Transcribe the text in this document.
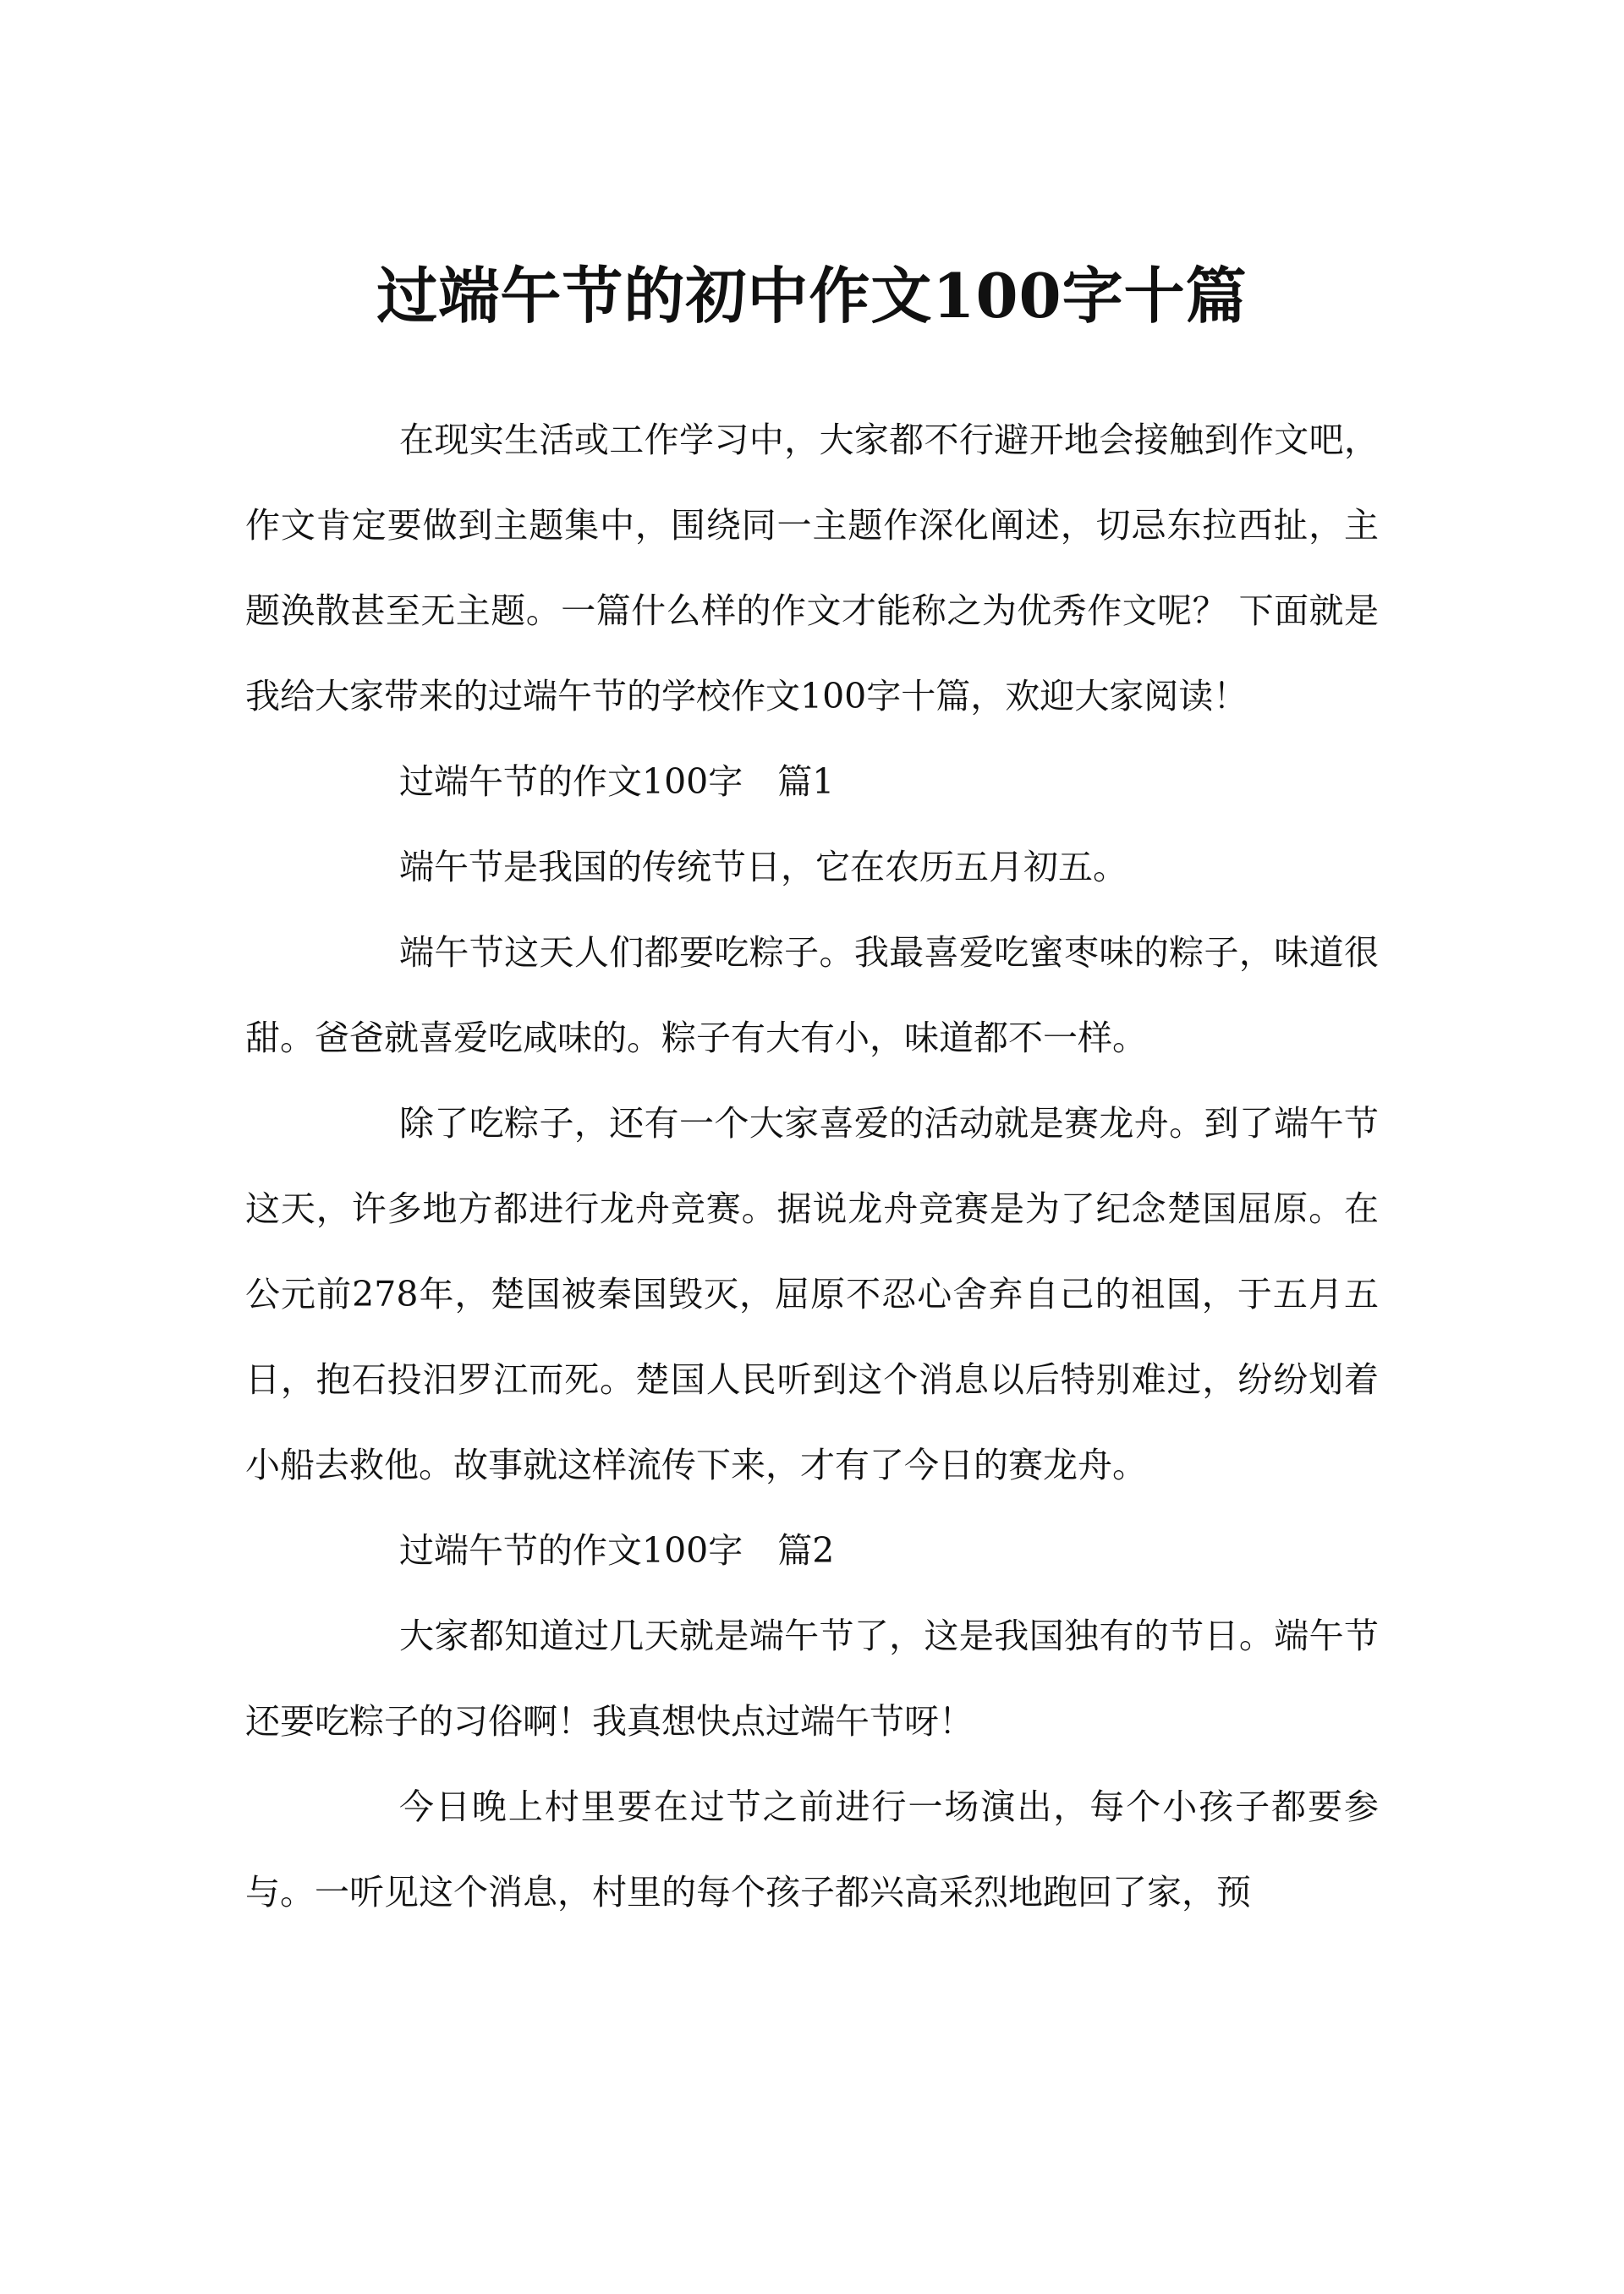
过端午节的初中作文100字十篇

在现实生活或工作学习中，大家都不行避开地会接触到作文吧，作文肯定要做到主题集中，围绕同一主题作深化阐述，切忌东拉西扯，主题涣散甚至无主题。一篇什么样的作文才能称之为优秀作文呢？ 下面就是我给大家带来的过端午节的学校作文100字十篇，欢迎大家阅读！

过端午节的作文100字　篇1

端午节是我国的传统节日，它在农历五月初五。

端午节这天人们都要吃粽子。我最喜爱吃蜜枣味的粽子，味道很甜。爸爸就喜爱吃咸味的。粽子有大有小，味道都不一样。

除了吃粽子，还有一个大家喜爱的活动就是赛龙舟。到了端午节这天，许多地方都进行龙舟竞赛。据说龙舟竞赛是为了纪念楚国屈原。在公元前278年，楚国被秦国毁灭，屈原不忍心舍弃自己的祖国，于五月五日，抱石投汨罗江而死。楚国人民听到这个消息以后特别难过，纷纷划着小船去救他。故事就这样流传下来，才有了今日的赛龙舟。

过端午节的作文100字　篇2

大家都知道过几天就是端午节了，这是我国独有的节日。端午节还要吃粽子的习俗啊！我真想快点过端午节呀！

今日晚上村里要在过节之前进行一场演出，每个小孩子都要参与。一听见这个消息，村里的每个孩子都兴高采烈地跑回了家，预
